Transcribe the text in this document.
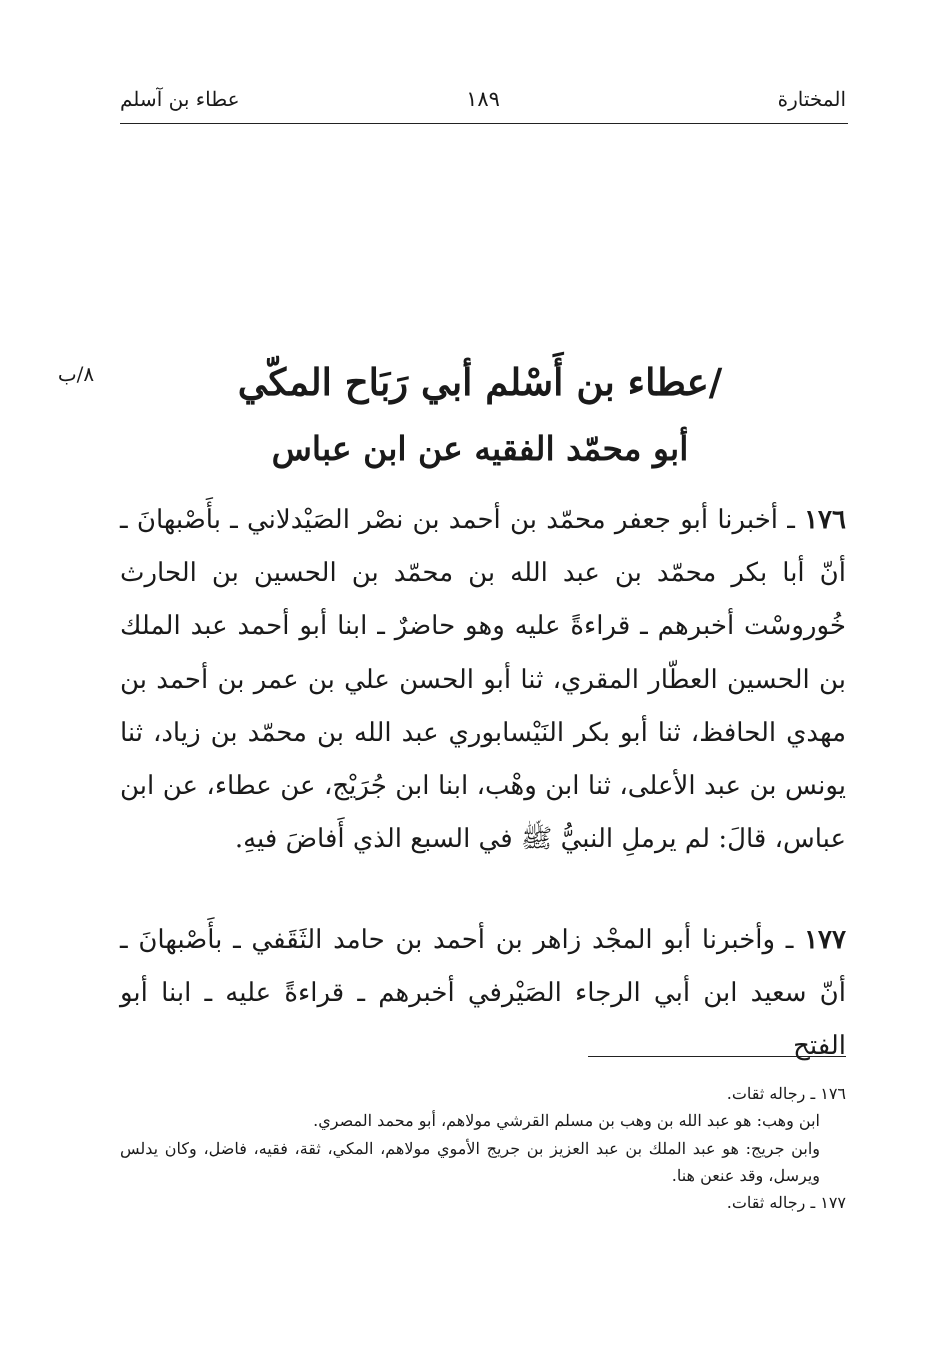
المختارة
١٨٩
عطاء بن آسلم
٨/ب	/عطاء بن أَسْلم أبي رَبَاح المكّي
أبو محمّد الفقيه عن ابن عباس
١٧٦ ـ أخبرنا أبو جعفر محمّد بن أحمد بن نصْر الصَيْدلاني ـ بأَصْبهانَ ـ أنّ أبا بكر محمّد بن عبد الله بن محمّد بن الحسين بن الحارث خُوروسْت أخبرهم ـ قراءةً عليه وهو حاضرٌ ـ ابنا أبو أحمد عبد الملك بن الحسين العطّار المقري، ثنا أبو الحسن علي بن عمر بن أحمد بن مهدي الحافظ، ثنا أبو بكر النَيْسابوري عبد الله بن محمّد بن زياد، ثنا يونس بن عبد الأعلى، ثنا ابن وهْب، ابنا ابن جُرَيْج، عن عطاء، عن ابن عباس، قالَ: لم يرملِ النبيُّ ﷺ في السبع الذي أَفاضَ فيهِ.
١٧٧ ـ وأخبرنا أبو المجْد زاهر بن أحمد بن حامد الثَقَفي ـ بأَصْبهانَ ـ أنّ سعيد ابن أبي الرجاء الصَيْرفي أخبرهم ـ قراءةً عليه ـ ابنا أبو الفتح
١٧٦ ـ رجاله ثقات.
ابن وهب: هو عبد الله بن وهب بن مسلم القرشي مولاهم، أبو محمد المصري.
وابن جريج: هو عبد الملك بن عبد العزيز بن جريج الأموي مولاهم، المكي، ثقة، فقيه، فاضل، وكان يدلس ويرسل، وقد عنعن هنا.
١٧٧ ـ رجاله ثقات.
